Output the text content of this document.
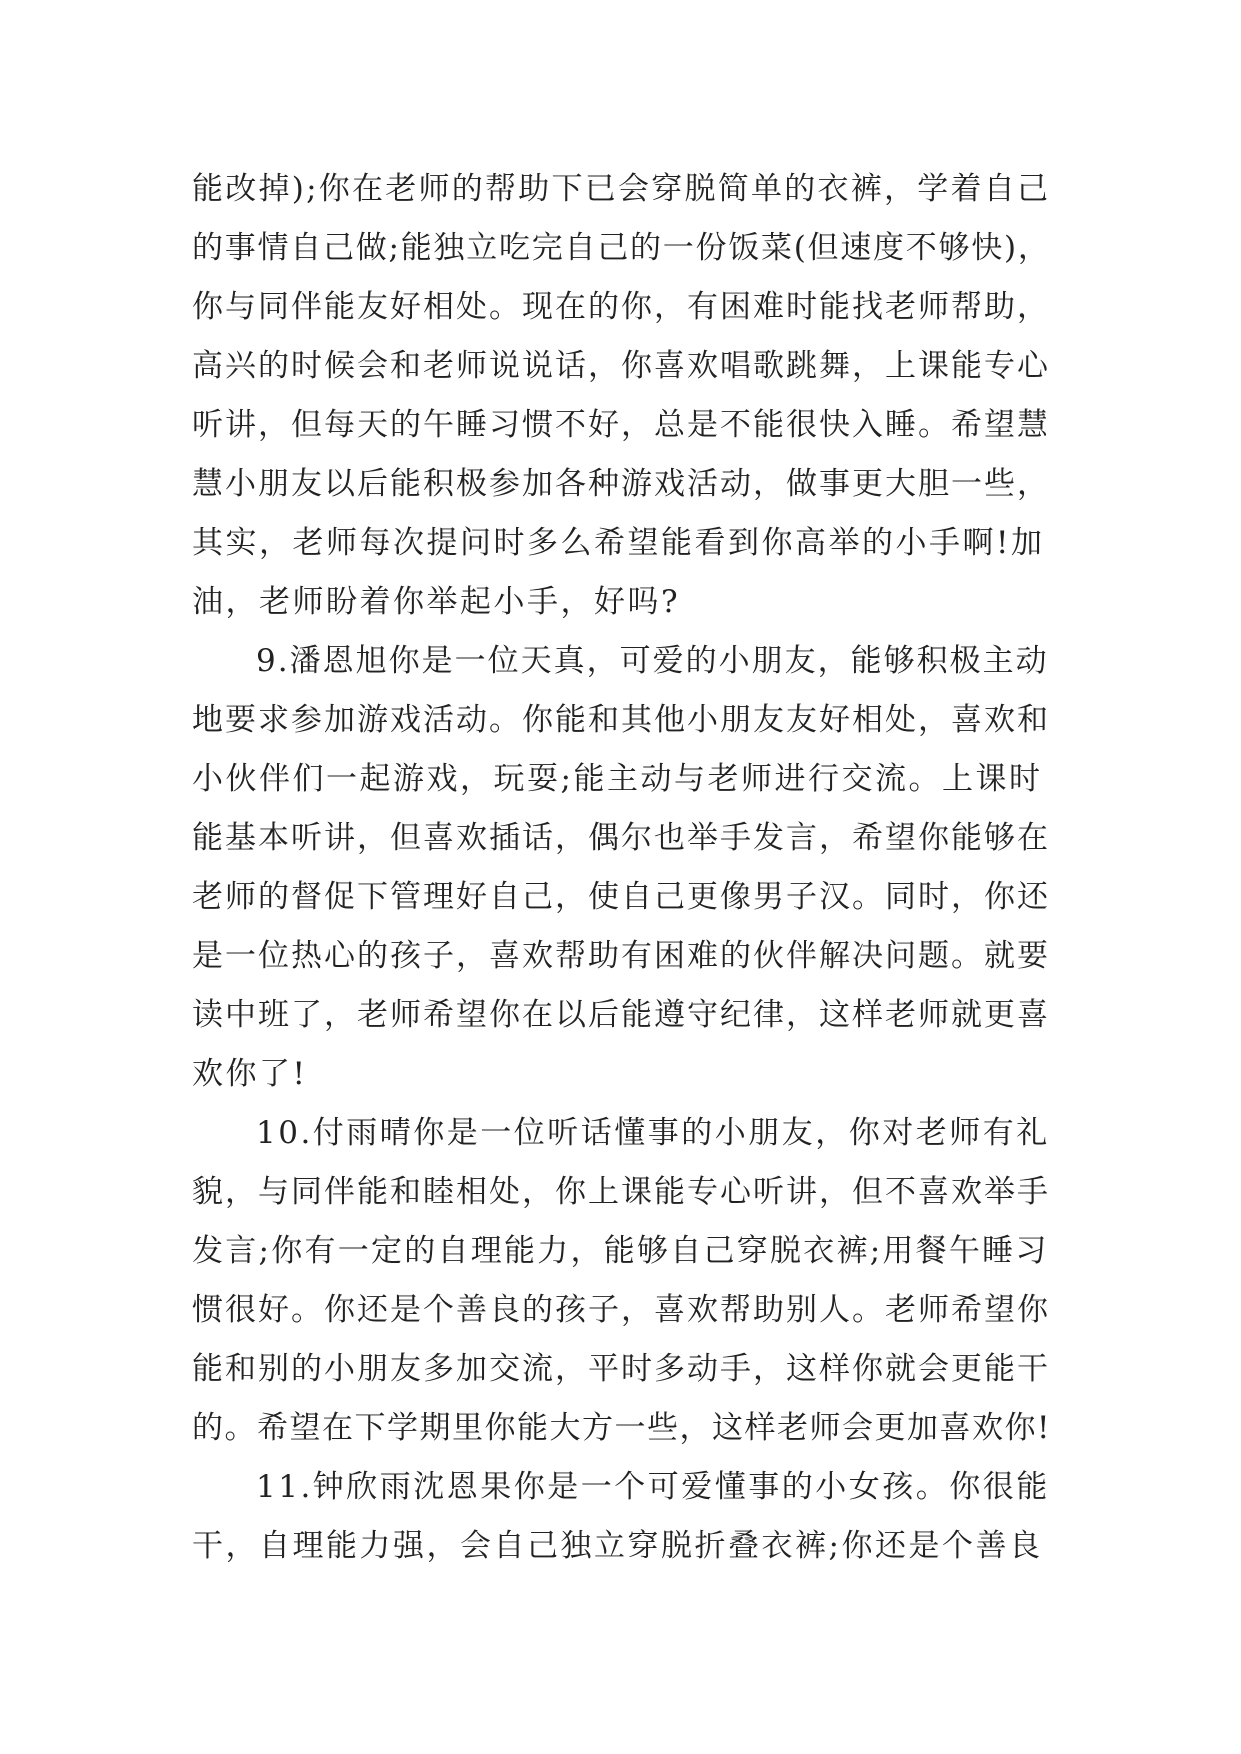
能改掉);你在老师的帮助下已会穿脱简单的衣裤，学着自己
的事情自己做;能独立吃完自己的一份饭菜(但速度不够快)，
你与同伴能友好相处。现在的你，有困难时能找老师帮助，
高兴的时候会和老师说说话，你喜欢唱歌跳舞，上课能专心
听讲，但每天的午睡习惯不好，总是不能很快入睡。希望慧
慧小朋友以后能积极参加各种游戏活动，做事更大胆一些，
其实，老师每次提问时多么希望能看到你高举的小手啊!加
油，老师盼着你举起小手，好吗?
9.潘恩旭你是一位天真，可爱的小朋友，能够积极主动
地要求参加游戏活动。你能和其他小朋友友好相处，喜欢和
小伙伴们一起游戏，玩耍;能主动与老师进行交流。上课时
能基本听讲，但喜欢插话，偶尔也举手发言，希望你能够在
老师的督促下管理好自己，使自己更像男子汉。同时，你还
是一位热心的孩子，喜欢帮助有困难的伙伴解决问题。就要
读中班了，老师希望你在以后能遵守纪律，这样老师就更喜
欢你了!
10.付雨晴你是一位听话懂事的小朋友，你对老师有礼
貌，与同伴能和睦相处，你上课能专心听讲，但不喜欢举手
发言;你有一定的自理能力，能够自己穿脱衣裤;用餐午睡习
惯很好。你还是个善良的孩子，喜欢帮助别人。老师希望你
能和别的小朋友多加交流，平时多动手，这样你就会更能干
的。希望在下学期里你能大方一些，这样老师会更加喜欢你!
11.钟欣雨沈恩果你是一个可爱懂事的小女孩。你很能
干，自理能力强，会自己独立穿脱折叠衣裤;你还是个善良
